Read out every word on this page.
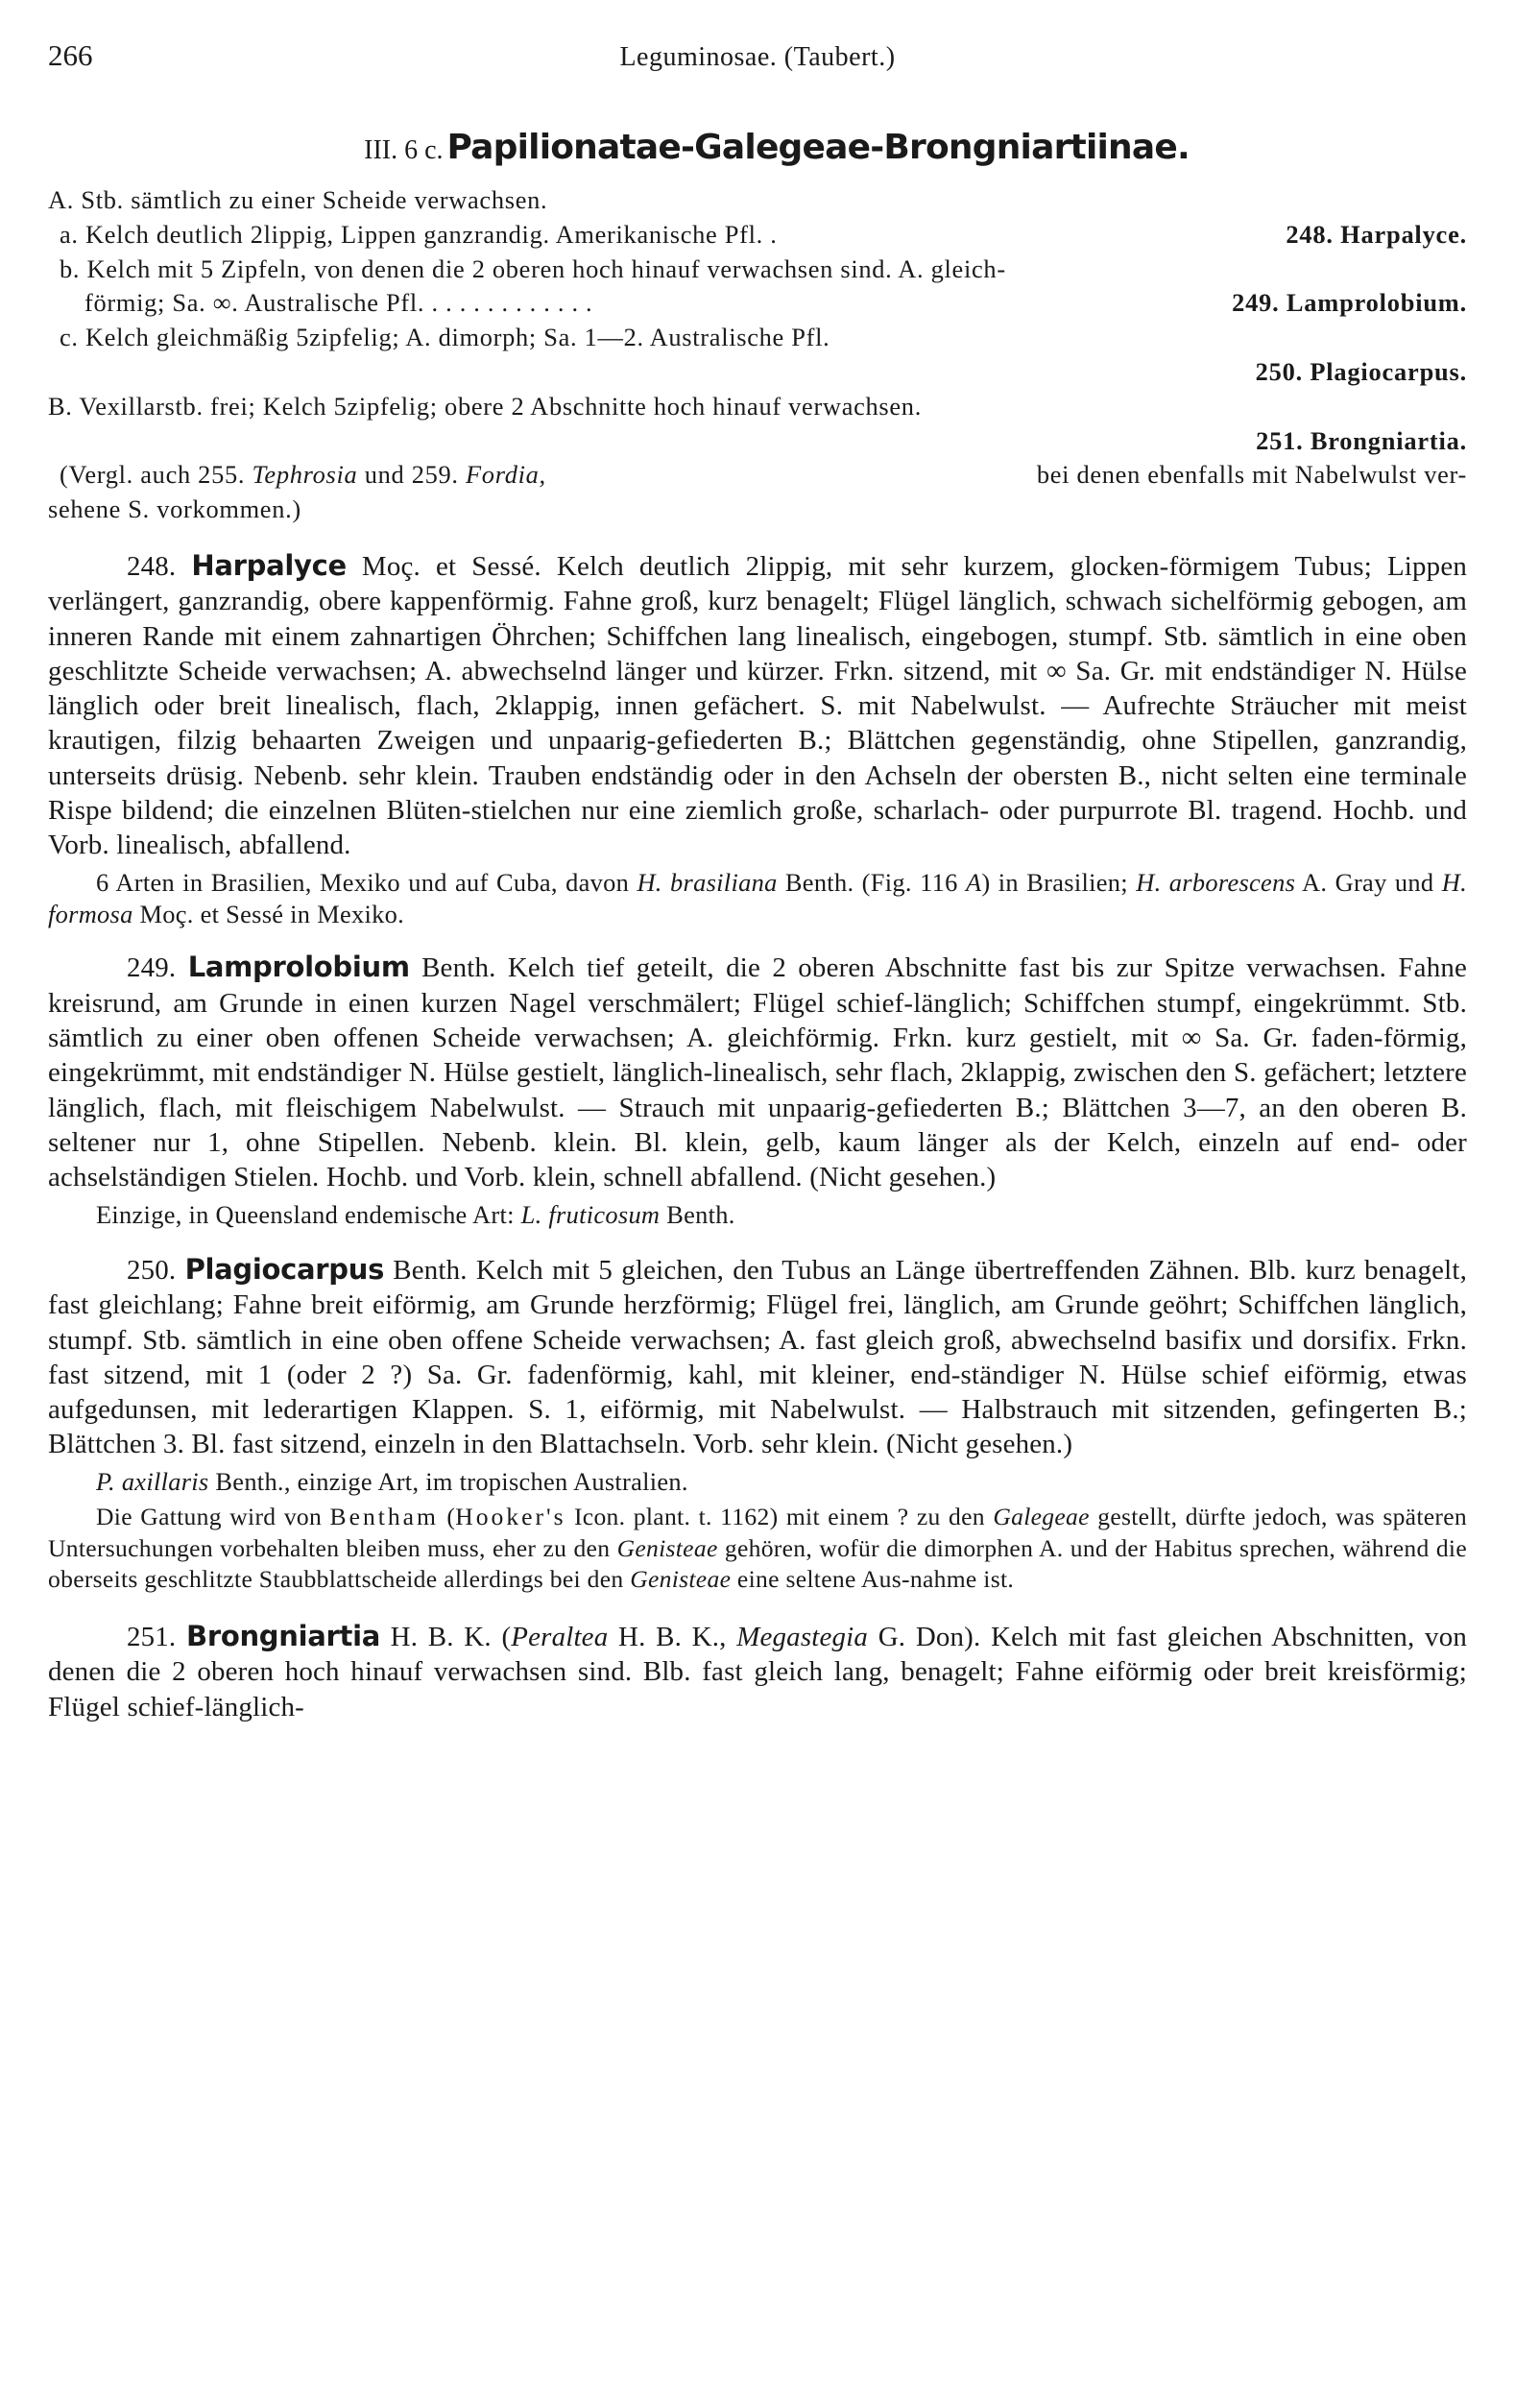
266	Leguminosae. (Taubert.)
III. 6 c. Papilionatae-Galegeae-Brongniartiinae.
A. Stb. sämtlich zu einer Scheide verwachsen.
a. Kelch deutlich 2lippig, Lippen ganzrandig. Amerikanische Pfl. .	248. Harpalyce.
b. Kelch mit 5 Zipfeln, von denen die 2 oberen hoch hinauf verwachsen sind. A. gleich-
förmig; Sa. ∞. Australische Pfl. . . . . . . . . . . . .	249. Lamprolobium.
c. Kelch gleichmäßig 5zipfelig; A. dimorph; Sa. 1—2. Australische Pfl.
250. Plagiocarpus.
B. Vexillarstb. frei; Kelch 5zipfelig; obere 2 Abschnitte hoch hinauf verwachsen.
251. Brongniartia.
(Vergl. auch 255. Tephrosia und 259. Fordia,	bei denen ebenfalls mit Nabelwulst ver-
sehene S. vorkommen.)

248. Harpalyce Moç. et Sessé. Kelch deutlich 2lippig, mit sehr kurzem, glocken-förmigem Tubus; Lippen verlängert, ganzrandig, obere kappenförmig. Fahne groß, kurz benagelt; Flügel länglich, schwach sichelförmig gebogen, am inneren Rande mit einem zahnartigen Öhrchen; Schiffchen lang linealisch, eingebogen, stumpf. Stb. sämtlich in eine oben geschlitzte Scheide verwachsen; A. abwechselnd länger und kürzer. Frkn. sitzend, mit ∞ Sa. Gr. mit endständiger N. Hülse länglich oder breit linealisch, flach, 2klappig, innen gefächert. S. mit Nabelwulst. — Aufrechte Sträucher mit meist krautigen, filzig behaarten Zweigen und unpaarig-gefiederten B.; Blättchen gegenständig, ohne Stipellen, ganzrandig, unterseits drüsig. Nebenb. sehr klein. Trauben endständig oder in den Achseln der obersten B., nicht selten eine terminale Rispe bildend; die einzelnen Blüten-stielchen nur eine ziemlich große, scharlach- oder purpurrote Bl. tragend. Hochb. und Vorb. linealisch, abfallend.

6 Arten in Brasilien, Mexiko und auf Cuba, davon H. brasiliana Benth. (Fig. 116 A) in Brasilien; H. arborescens A. Gray und H. formosa Moç. et Sessé in Mexiko.

249. Lamprolobium Benth. Kelch tief geteilt, die 2 oberen Abschnitte fast bis zur Spitze verwachsen. Fahne kreisrund, am Grunde in einen kurzen Nagel verschmälert; Flügel schief-länglich; Schiffchen stumpf, eingekrümmt. Stb. sämtlich zu einer oben offenen Scheide verwachsen; A. gleichförmig. Frkn. kurz gestielt, mit ∞ Sa. Gr. faden-förmig, eingekrümmt, mit endständiger N. Hülse gestielt, länglich-linealisch, sehr flach, 2klappig, zwischen den S. gefächert; letztere länglich, flach, mit fleischigem Nabelwulst. — Strauch mit unpaarig-gefiederten B.; Blättchen 3—7, an den oberen B. seltener nur 1, ohne Stipellen. Nebenb. klein. Bl. klein, gelb, kaum länger als der Kelch, einzeln auf end- oder achselständigen Stielen. Hochb. und Vorb. klein, schnell abfallend. (Nicht gesehen.)

Einzige, in Queensland endemische Art: L. fruticosum Benth.

250. Plagiocarpus Benth. Kelch mit 5 gleichen, den Tubus an Länge übertreffenden Zähnen. Blb. kurz benagelt, fast gleichlang; Fahne breit eiförmig, am Grunde herzförmig; Flügel frei, länglich, am Grunde geöhrt; Schiffchen länglich, stumpf. Stb. sämtlich in eine oben offene Scheide verwachsen; A. fast gleich groß, abwechselnd basifix und dorsifix. Frkn. fast sitzend, mit 1 (oder 2 ?) Sa. Gr. fadenförmig, kahl, mit kleiner, end-ständiger N. Hülse schief eiförmig, etwas aufgedunsen, mit lederartigen Klappen. S. 1, eiförmig, mit Nabelwulst. — Halbstrauch mit sitzenden, gefingerten B.; Blättchen 3. Bl. fast sitzend, einzeln in den Blattachseln. Vorb. sehr klein. (Nicht gesehen.)

P. axillaris Benth., einzige Art, im tropischen Australien.

Die Gattung wird von Bentham (Hooker's Icon. plant. t. 1162) mit einem ? zu den Galegeae gestellt, dürfte jedoch, was späteren Untersuchungen vorbehalten bleiben muss, eher zu den Genisteae gehören, wofür die dimorphen A. und der Habitus sprechen, während die oberseits geschlitzte Staubblattscheide allerdings bei den Genisteae eine seltene Aus-nahme ist.

251. Brongniartia H. B. K. (Peraltea H. B. K., Megastegia G. Don). Kelch mit fast gleichen Abschnitten, von denen die 2 oberen hoch hinauf verwachsen sind. Blb. fast gleich lang, benagelt; Fahne eiförmig oder breit kreisförmig; Flügel schief-länglich-
